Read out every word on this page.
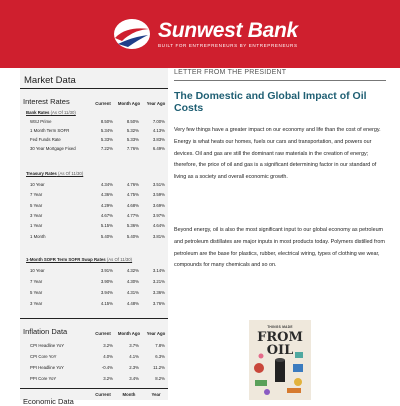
Sunwest Bank
BUILT FOR ENTREPRENEURS BY ENTREPRENEURS
Market Data
Interest Rates	Current	Month Ago	Year Ago
Bank Rates (As Of 11/30)
WSJ Prime	8.50%	8.50%	7.00%
1 Month Term SOFR	5.34%	5.32%	4.13%
Fed Funds Rate	5.33%	5.33%	3.83%
30 Year Mortgage Fixed	7.22%	7.76%	6.49%
Treasury Rates (As Of 11/30)
10 Year	4.34%	4.76%	3.51%
7 Year	4.36%	4.75%	3.59%
5 Year	4.29%	4.68%	3.69%
3 Year	4.67%	4.77%	3.97%
1 Year	5.15%	5.36%	4.64%
1 Month	5.40%	5.40%	3.81%
1-Month SOFR Term SOFR Swap Rates (As Of 11/30)
10 Year	3.91%	4.32%	3.14%
7 Year	3.90%	4.30%	3.21%
5 Year	3.94%	4.31%	3.36%
3 Year	4.15%	4.48%	3.76%
Inflation Data	Current	Month Ago	Year Ago
CPI Headline YoY	3.2%	3.7%	7.8%
CPI Core YoY	4.0%	4.1%	6.3%
PPI Headline YoY	-0.4%	2.3%	11.2%
PPI Core YoY	3.2%	3.4%	8.2%
Economic Data
Current	Month	Year
LETTER FROM THE PRESIDENT
The Domestic and Global Impact of Oil Costs

Very few things have a greater impact on our economy and life than the cost of energy. Energy is what heats our homes, fuels our cars and transportation, and powers our devices. Oil and gas are still the dominant raw materials in the creation of energy; therefore, the price of oil and gas is a significant determining factor in our standard of living as a society and overall economic growth.

Beyond energy, oil is also the most significant input to our global economy as petroleum and petroleum distillates are major inputs in most products today. Polymers distilled from petroleum are the base for plastics, rubber, electrical wiring, types of clothing we wear, compounds for many chemicals and so on.

THINGS MADE
FROM OIL
